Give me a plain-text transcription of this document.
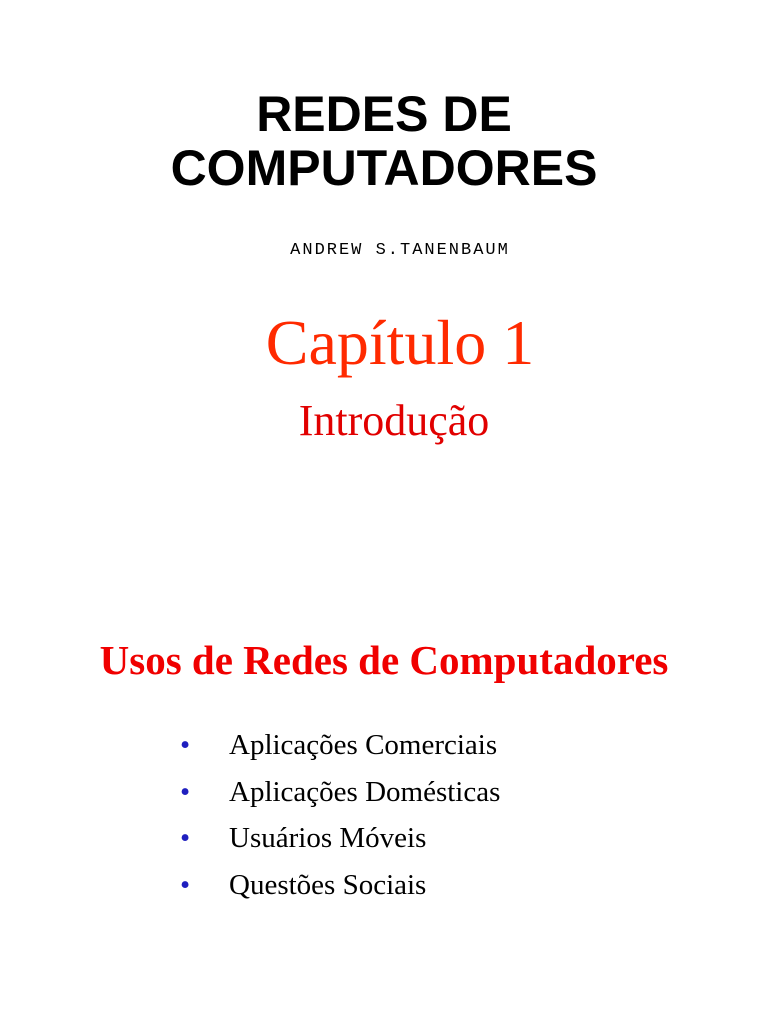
REDES DE
COMPUTADORES
ANDREW S.TANENBAUM
Capítulo 1
Introdução
Usos de Redes de Computadores
•	Aplicações Comerciais
•	Aplicações Domésticas
•	Usuários Móveis
•	Questões Sociais
